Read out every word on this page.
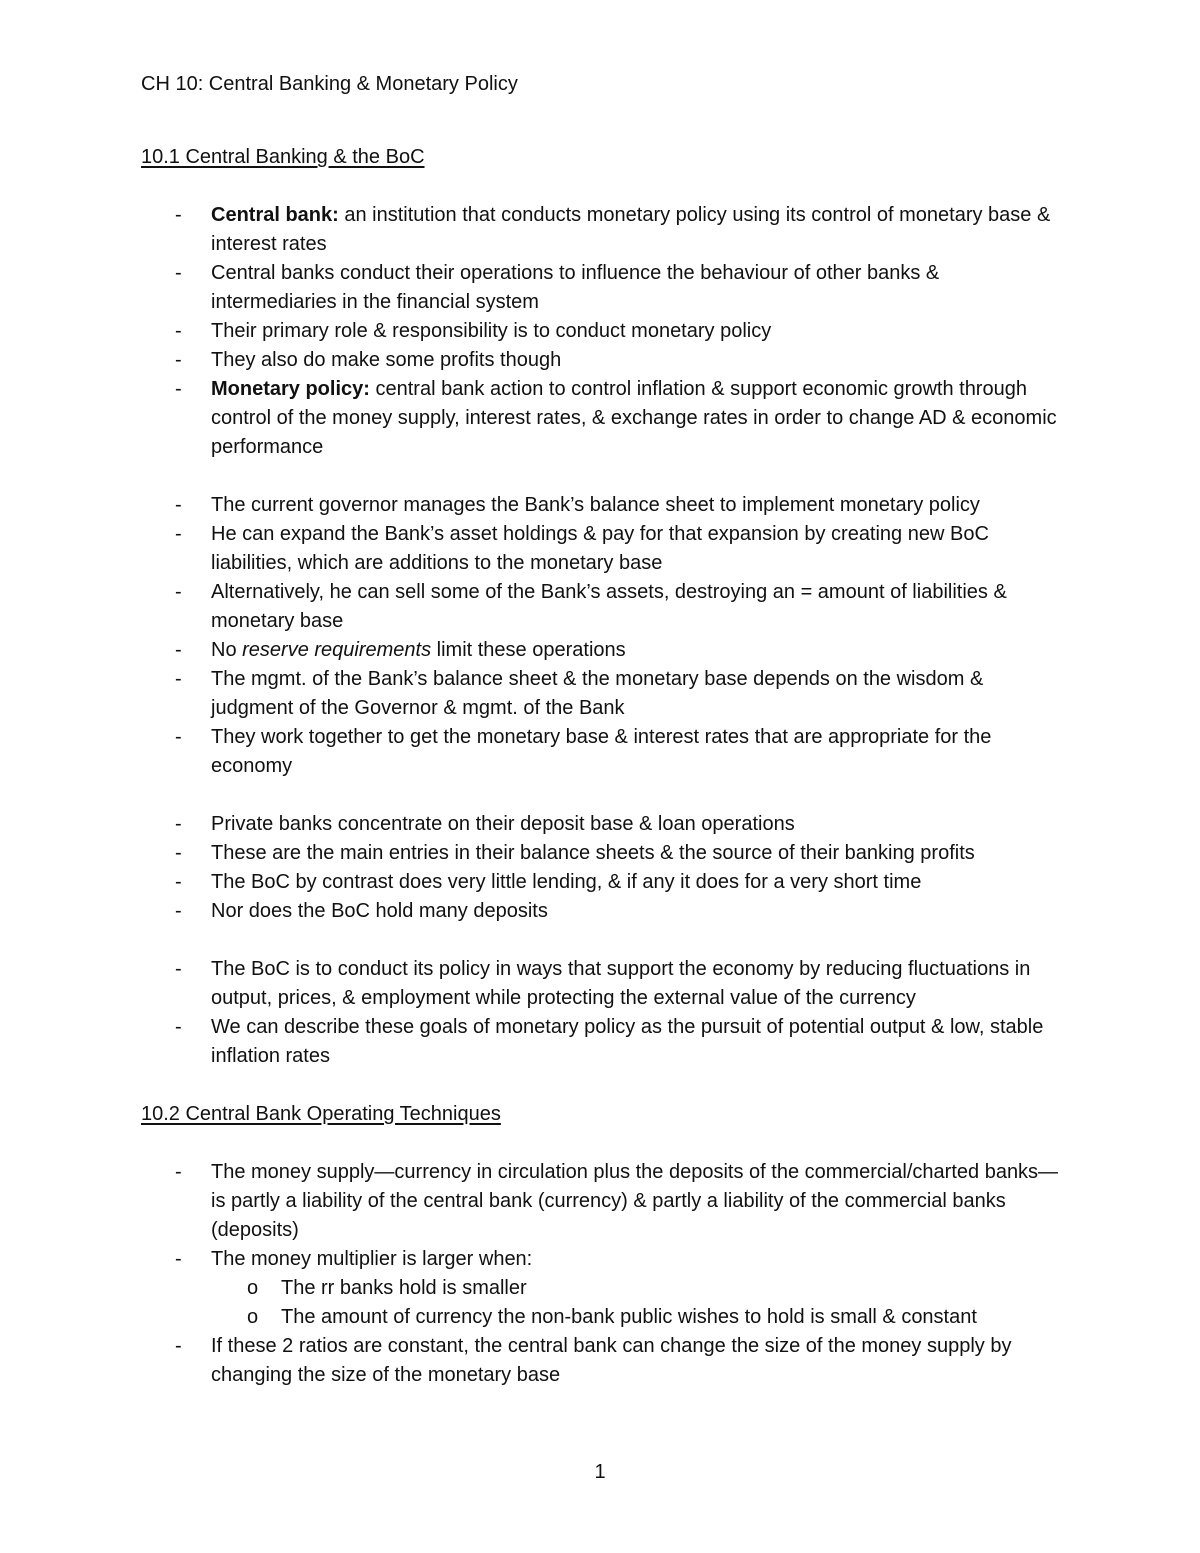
CH 10: Central Banking & Monetary Policy
10.1 Central Banking & the BoC
- Central bank: an institution that conducts monetary policy using its control of monetary base & interest rates
- Central banks conduct their operations to influence the behaviour of other banks & intermediaries in the financial system
- Their primary role & responsibility is to conduct monetary policy
- They also do make some profits though
- Monetary policy: central bank action to control inflation & support economic growth through control of the money supply, interest rates, & exchange rates in order to change AD & economic performance
- The current governor manages the Bank’s balance sheet to implement monetary policy
- He can expand the Bank’s asset holdings & pay for that expansion by creating new BoC liabilities, which are additions to the monetary base
- Alternatively, he can sell some of the Bank’s assets, destroying an = amount of liabilities & monetary base
- No reserve requirements limit these operations
- The mgmt. of the Bank’s balance sheet & the monetary base depends on the wisdom & judgment of the Governor & mgmt. of the Bank
- They work together to get the monetary base & interest rates that are appropriate for the economy
- Private banks concentrate on their deposit base & loan operations
- These are the main entries in their balance sheets & the source of their banking profits
- The BoC by contrast does very little lending, & if any it does for a very short time
- Nor does the BoC hold many deposits
- The BoC is to conduct its policy in ways that support the economy by reducing fluctuations in output, prices, & employment while protecting the external value of the currency
- We can describe these goals of monetary policy as the pursuit of potential output & low, stable inflation rates
10.2 Central Bank Operating Techniques
- The money supply—currency in circulation plus the deposits of the commercial/charted banks—is partly a liability of the central bank (currency) & partly a liability of the commercial banks (deposits)
- The money multiplier is larger when:
o The rr banks hold is smaller
o The amount of currency the non-bank public wishes to hold is small & constant
- If these 2 ratios are constant, the central bank can change the size of the money supply by changing the size of the monetary base
1
